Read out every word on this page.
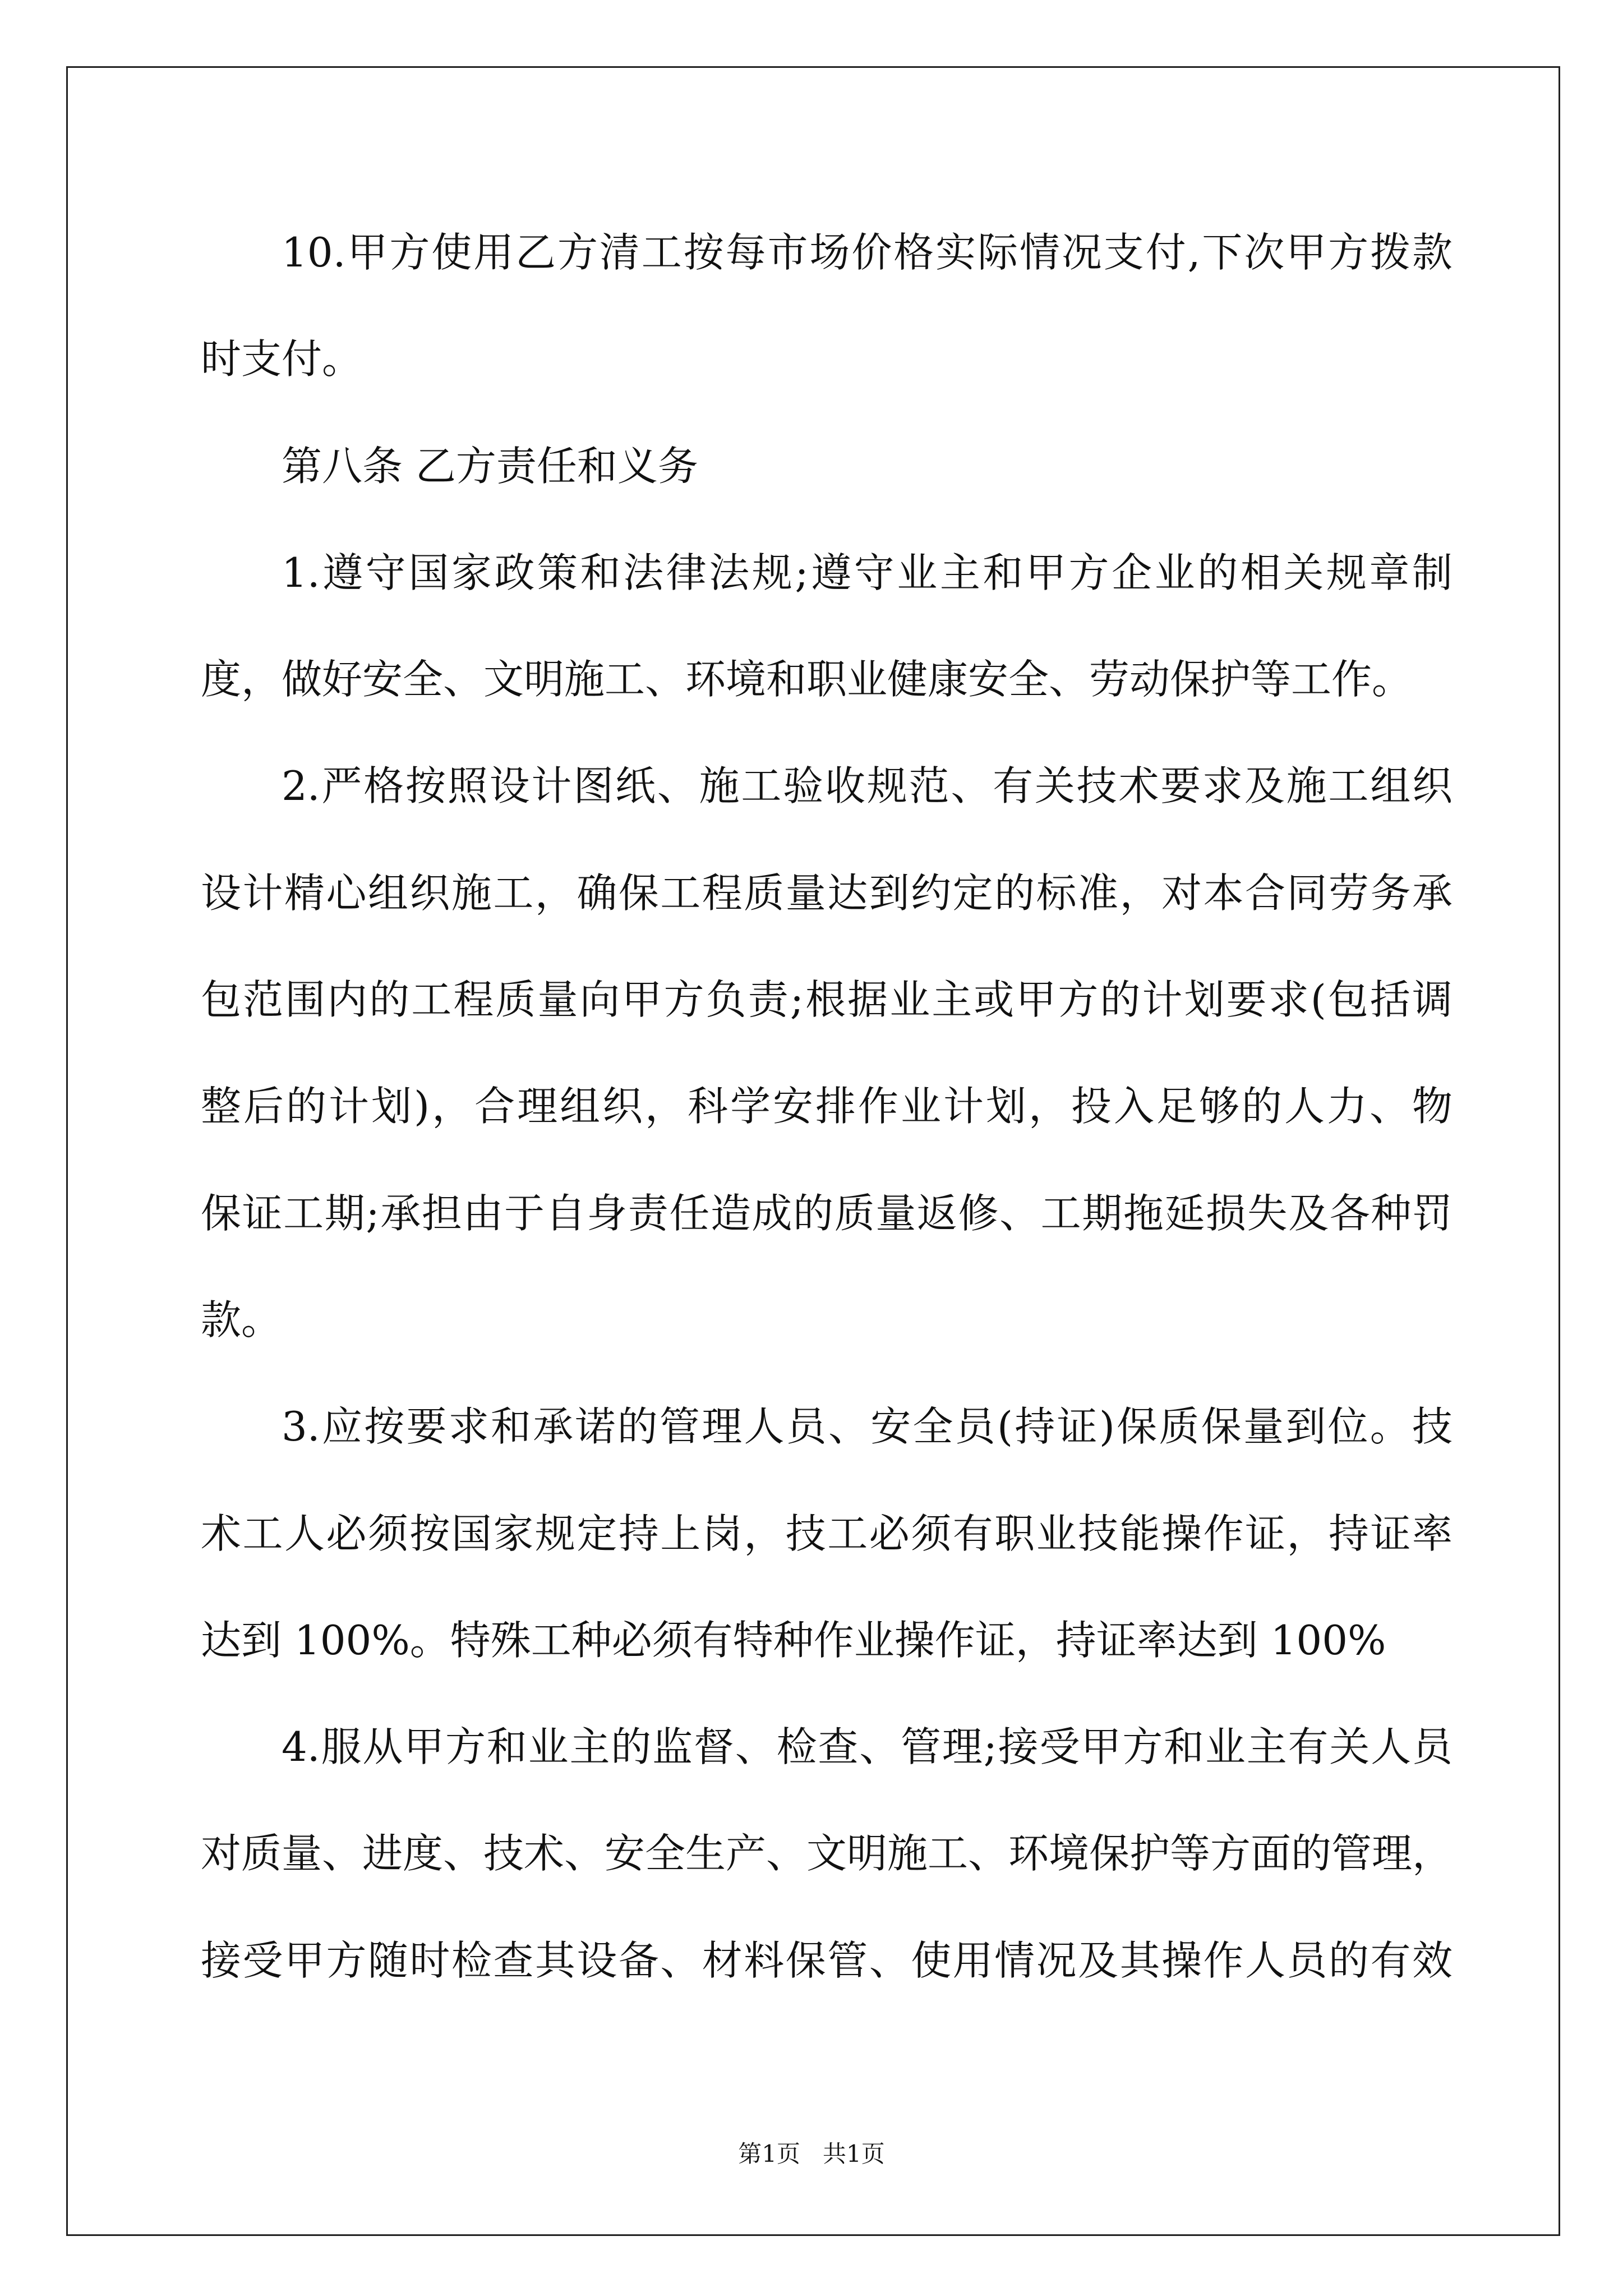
10.甲方使用乙方清工按每市场价格实际情况支付,下次甲方拨款
时支付。
第八条 乙方责任和义务
1.遵守国家政策和法律法规;遵守业主和甲方企业的相关规章制
度，做好安全、文明施工、环境和职业健康安全、劳动保护等工作。
2.严格按照设计图纸、施工验收规范、有关技术要求及施工组织
设计精心组织施工，确保工程质量达到约定的标准，对本合同劳务承
包范围内的工程质量向甲方负责;根据业主或甲方的计划要求(包括调
整后的计划)，合理组织，科学安排作业计划，投入足够的人力、物
保证工期;承担由于自身责任造成的质量返修、工期拖延损失及各种罚
款。
3.应按要求和承诺的管理人员、安全员(持证)保质保量到位。技
术工人必须按国家规定持上岗，技工必须有职业技能操作证，持证率
达到 100%。特殊工种必须有特种作业操作证，持证率达到 100%
4.服从甲方和业主的监督、检查、管理;接受甲方和业主有关人员
对质量、进度、技术、安全生产、文明施工、环境保护等方面的管理，
接受甲方随时检查其设备、材料保管、使用情况及其操作人员的有效
第1页   共1页
